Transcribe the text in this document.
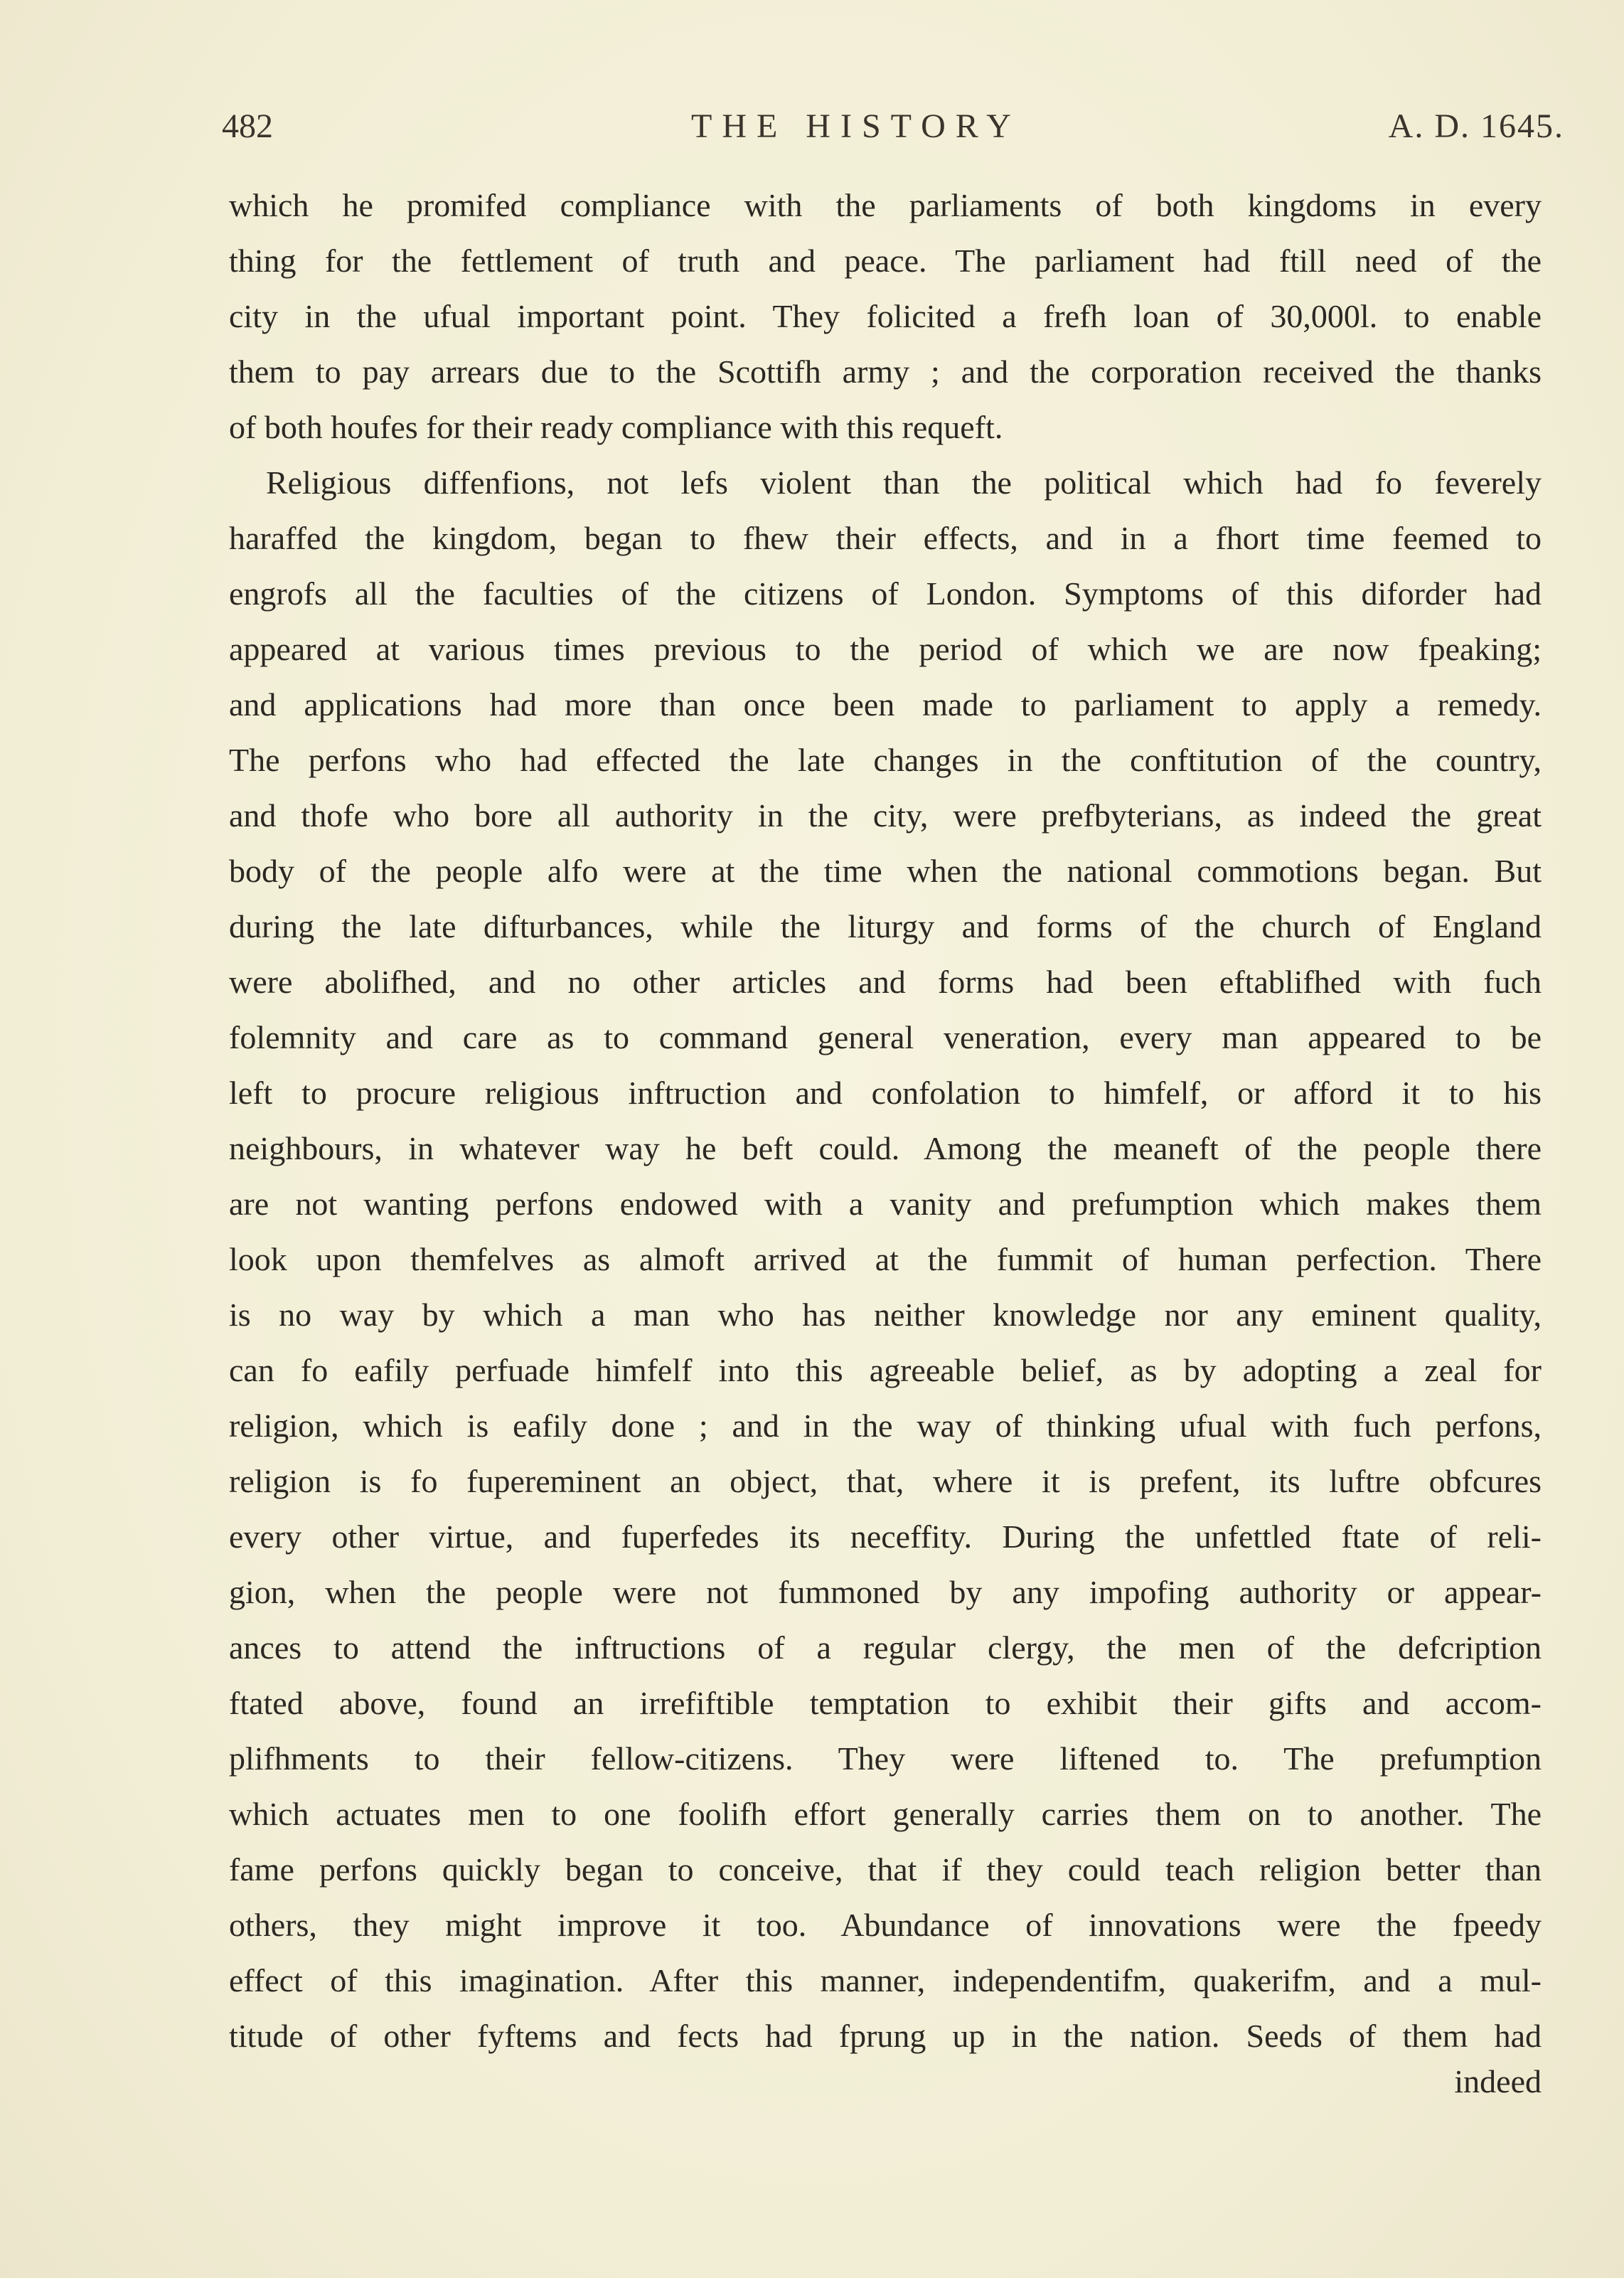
482	THE HISTORY	A. D. 1645.
which he promifed compliance with the parliaments of both kingdoms in every
thing for the fettlement of truth and peace. The parliament had ftill need of the
city in the ufual important point. They folicited a frefh loan of 30,000l. to enable
them to pay arrears due to the Scottifh army ; and the corporation received the thanks
of both houfes for their ready compliance with this requeft.
Religious diffenfions, not lefs violent than the political which had fo feverely
haraffed the kingdom, began to fhew their effects, and in a fhort time feemed to
engrofs all the faculties of the citizens of London. Symptoms of this diforder had
appeared at various times previous to the period of which we are now fpeaking;
and applications had more than once been made to parliament to apply a remedy.
The perfons who had effected the late changes in the conftitution of the country,
and thofe who bore all authority in the city, were prefbyterians, as indeed the great
body of the people alfo were at the time when the national commotions began. But
during the late difturbances, while the liturgy and forms of the church of England
were abolifhed, and no other articles and forms had been eftablifhed with fuch
folemnity and care as to command general veneration, every man appeared to be
left to procure religious inftruction and confolation to himfelf, or afford it to his
neighbours, in whatever way he beft could. Among the meaneft of the people there
are not wanting perfons endowed with a vanity and prefumption which makes them
look upon themfelves as almoft arrived at the fummit of human perfection. There
is no way by which a man who has neither knowledge nor any eminent quality,
can fo eafily perfuade himfelf into this agreeable belief, as by adopting a zeal for
religion, which is eafily done ; and in the way of thinking ufual with fuch perfons,
religion is fo fupereminent an object, that, where it is prefent, its luftre obfcures
every other virtue, and fuperfedes its neceffity. During the unfettled ftate of reli-
gion, when the people were not fummoned by any impofing authority or appear-
ances to attend the inftructions of a regular clergy, the men of the defcription
ftated above, found an irrefiftible temptation to exhibit their gifts and accom-
plifhments to their fellow-citizens. They were liftened to. The prefumption
which actuates men to one foolifh effort generally carries them on to another. The
fame perfons quickly began to conceive, that if they could teach religion better than
others, they might improve it too. Abundance of innovations were the fpeedy
effect of this imagination. After this manner, independentifm, quakerifm, and a mul-
titude of other fyftems and fects had fprung up in the nation. Seeds of them had
indeed
